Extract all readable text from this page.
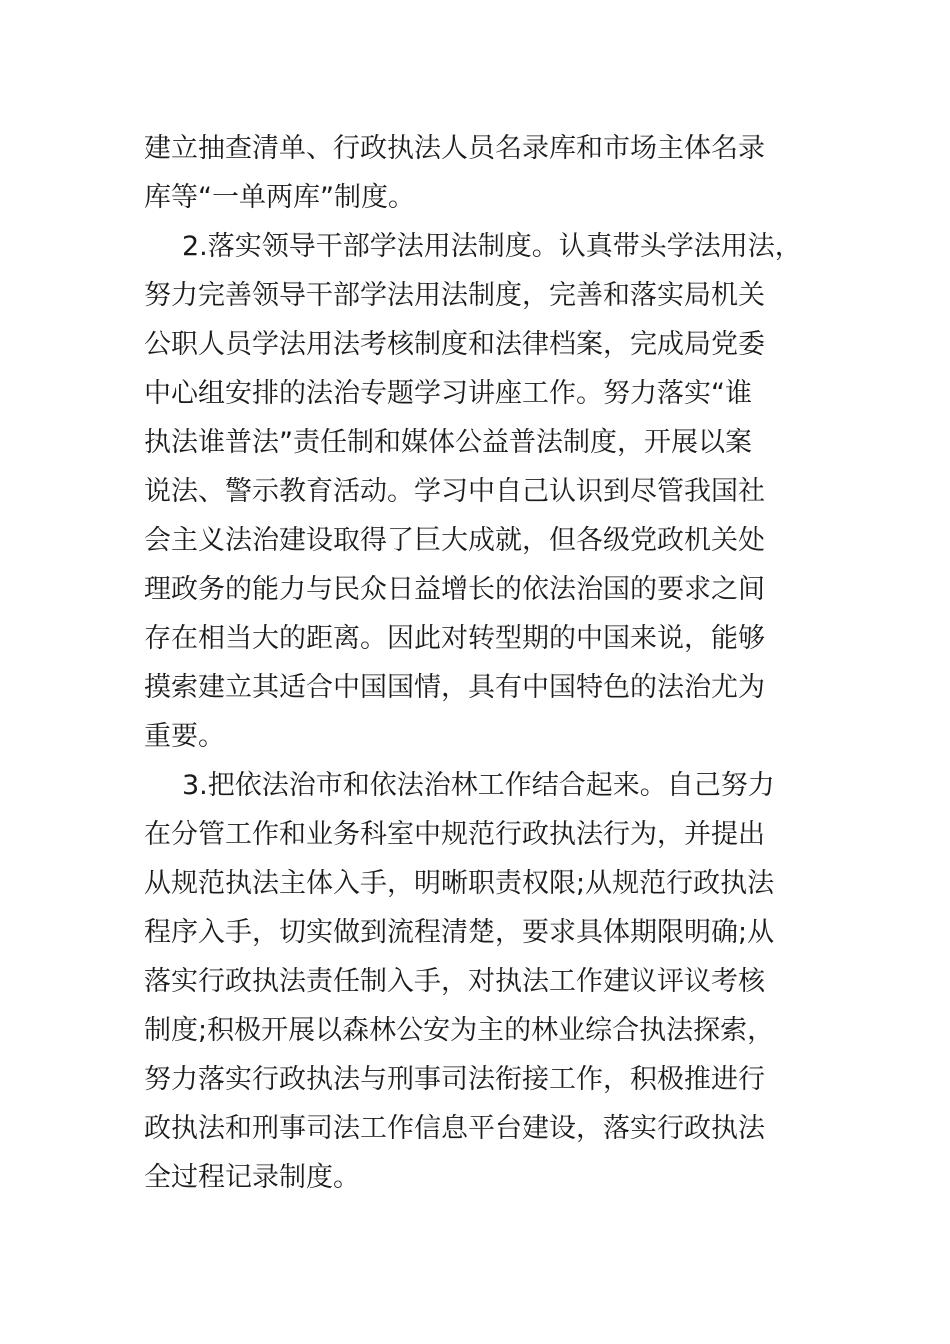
建立抽查清单、行政执法人员名录库和市场主体名录
库等“一单两库”制度。
2.落实领导干部学法用法制度。认真带头学法用法，
努力完善领导干部学法用法制度，完善和落实局机关
公职人员学法用法考核制度和法律档案，完成局党委
中心组安排的法治专题学习讲座工作。努力落实“谁
执法谁普法”责任制和媒体公益普法制度，开展以案
说法、警示教育活动。学习中自己认识到尽管我国社
会主义法治建设取得了巨大成就，但各级党政机关处
理政务的能力与民众日益增长的依法治国的要求之间
存在相当大的距离。因此对转型期的中国来说，能够
摸索建立其适合中国国情，具有中国特色的法治尤为
重要。
3.把依法治市和依法治林工作结合起来。自己努力
在分管工作和业务科室中规范行政执法行为，并提出
从规范执法主体入手，明晰职责权限;从规范行政执法
程序入手，切实做到流程清楚，要求具体期限明确;从
落实行政执法责任制入手，对执法工作建议评议考核
制度;积极开展以森林公安为主的林业综合执法探索，
努力落实行政执法与刑事司法衔接工作，积极推进行
政执法和刑事司法工作信息平台建设，落实行政执法
全过程记录制度。
